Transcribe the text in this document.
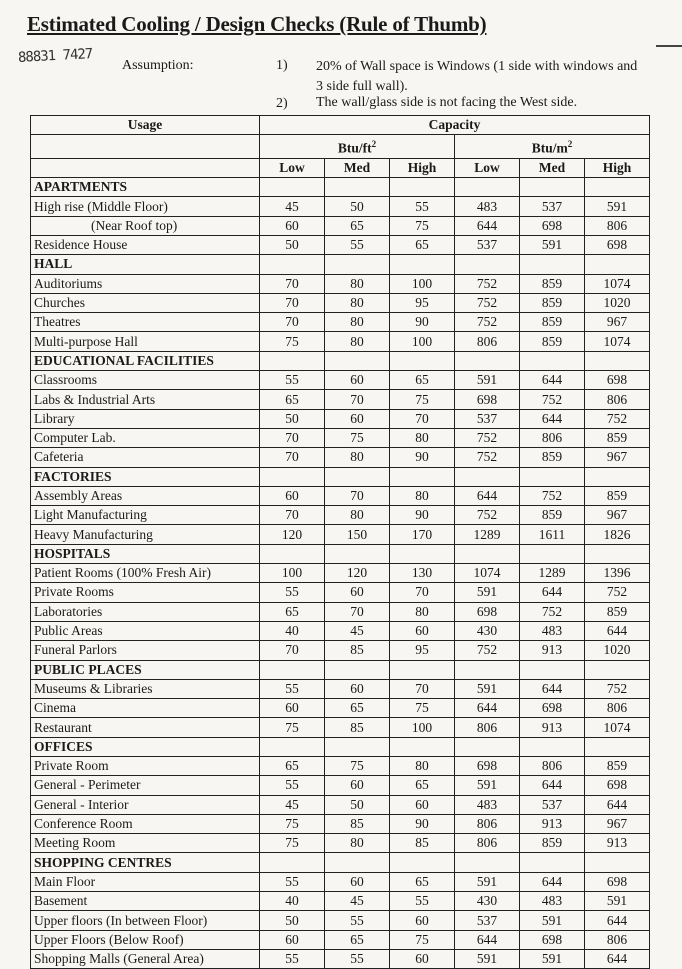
Estimated Cooling / Design Checks (Rule of Thumb)
88831 7427 Assumption:	1) 20% of Wall space is Windows (1 side with windows and 3 side full wall).
2) The wall/glass side is not facing the West side.
Usage	Capacity					
	Btu/$ft^2$			Btu/$m^2$
	Low	Med	High	Low	Med	High
APARTMENTS						
High rise (Middle Floor)	45	50	55	483	537	591
(Near Roof top)	60	65	75	644	698	806
Residence House	50	55	65	537	591	698
HALL						
Auditoriums	70	80	100	752	859	1074
Churches	70	80	95	752	859	1020
Theatres	70	80	90	752	859	967
Multi-purpose Hall	75	80	100	806	859	1074
EDUCATIONAL FACILITIES						
Classrooms	55	60	65	591	644	698
Labs & Industrial Arts	65	70	75	698	752	806
Library	50	60	70	537	644	752
Computer Lab.	70	75	80	752	806	859
Cafeteria	70	80	90	752	859	967
FACTORIES						
Assembly Areas	60	70	80	644	752	859
Light Manufacturing	70	80	90	752	859	967
Heavy Manufacturing	120	150	170	1289	1611	1826
HOSPITALS						
Patient Rooms (100% Fresh Air)	100	120	130	1074	1289	1396
Private Rooms	55	60	70	591	644	752
Laboratories	65	70	80	698	752	859
Public Areas	40	45	60	430	483	644
Funeral Parlors	70	85	95	752	913	1020
PUBLIC PLACES						
Museums & Libraries	55	60	70	591	644	752
Cinema	60	65	75	644	698	806
Restaurant	75	85	100	806	913	1074
OFFICES						
Private Room	65	75	80	698	806	859
General - Perimeter	55	60	65	591	644	698
General - Interior	45	50	60	483	537	644
Conference Room	75	85	90	806	913	967
Meeting Room	75	80	85	806	859	913
SHOPPING CENTRES						
Main Floor	55	60	65	591	644	698
Basement	40	45	55	430	483	591
Upper floors (In between Floor)	50	55	60	537	591	644
Upper Floors (Below Roof)	60	65	75	644	698	806
Shopping Malls (General Area)	55	55	60	591	591	644
